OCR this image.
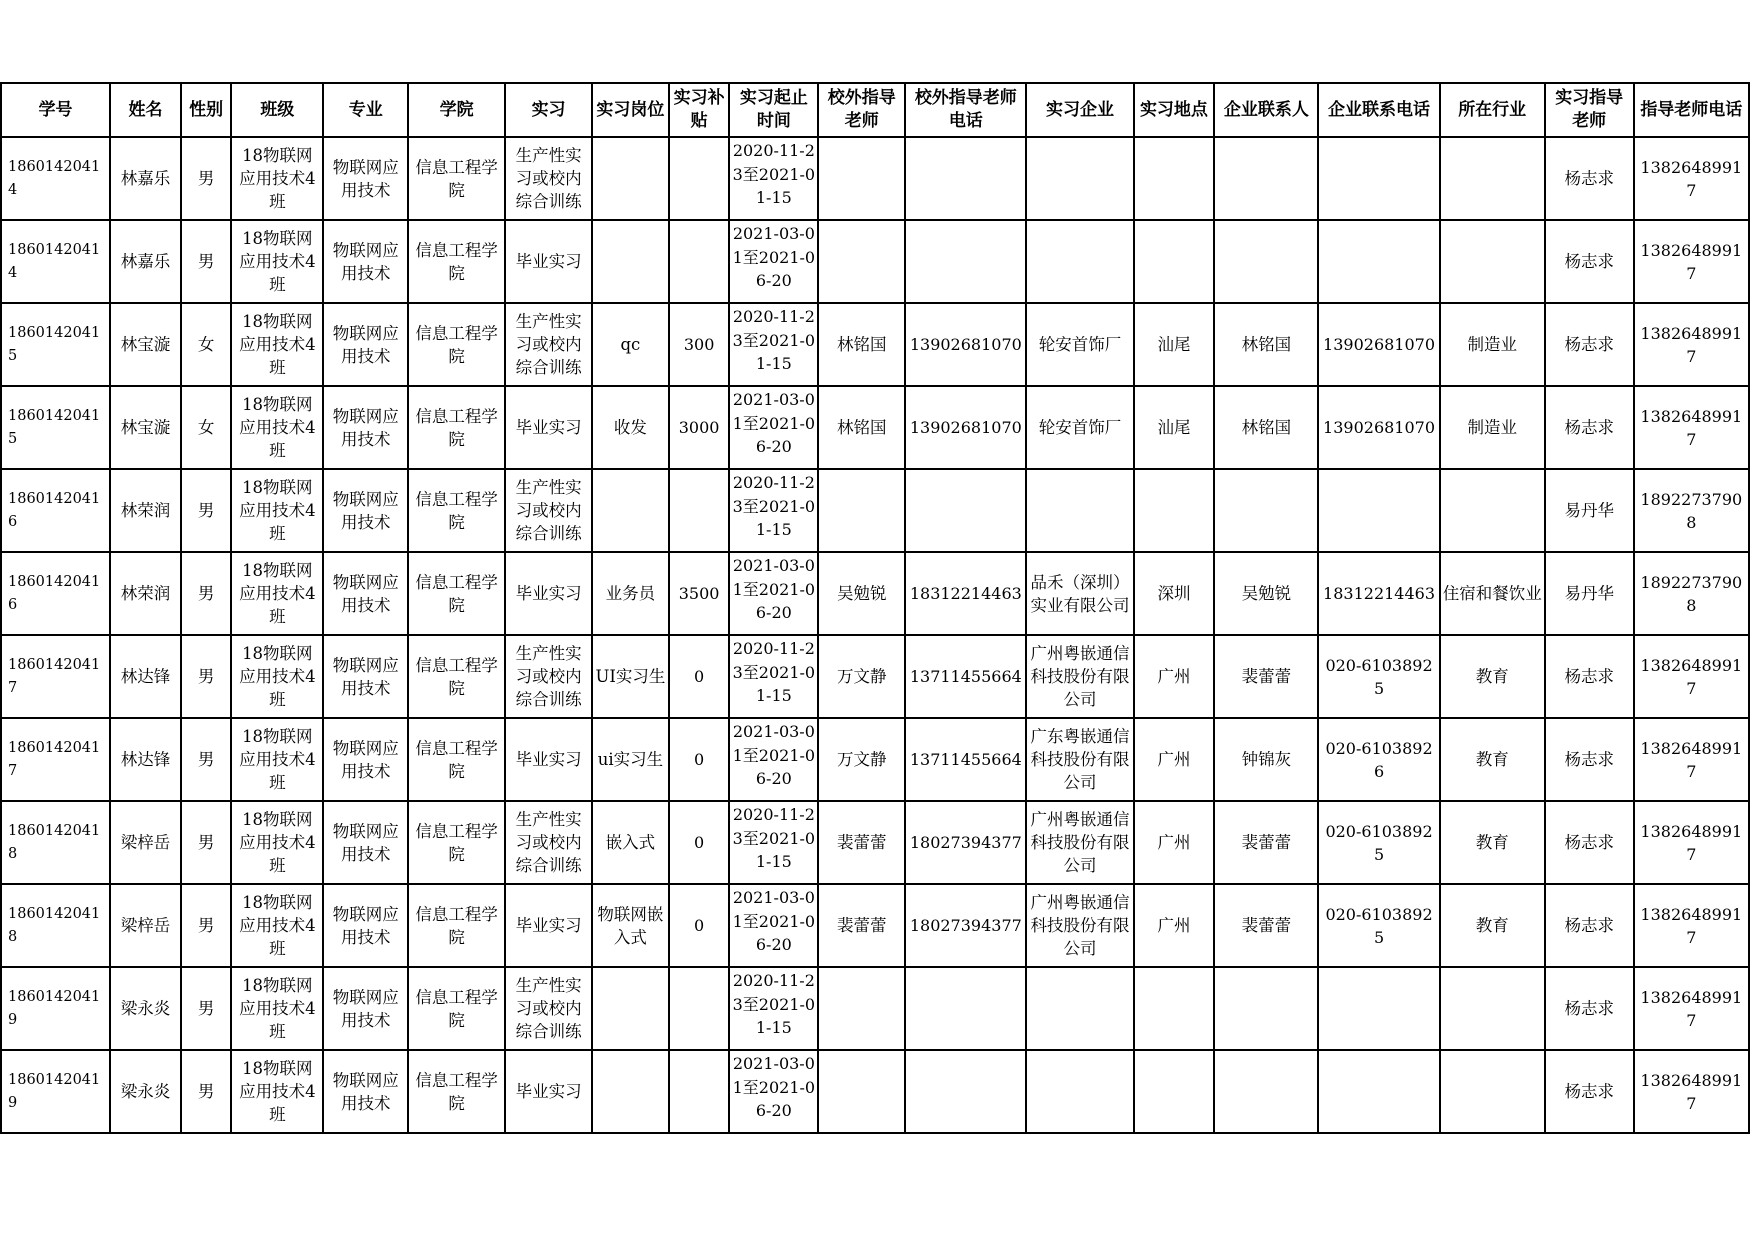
学号	姓名	性别	班级	专业	学院	实习	实习岗位	实习补贴	实习起止时间	校外指导老师	校外指导老师电话	实习企业	实习地点	企业联系人	企业联系电话	所在行业	实习指导老师	指导老师电话

18601420414	林嘉乐	男	18物联网应用技术4班	物联网应用技术	信息工程学院	生产性实习或校内综合训练			2020-11-23至2021-01-15								杨志求	13826489917

18601420414	林嘉乐	男	18物联网应用技术4班	物联网应用技术	信息工程学院	毕业实习			2021-03-01至2021-06-20								杨志求	13826489917

18601420415	林宝漩	女	18物联网应用技术4班	物联网应用技术	信息工程学院	生产性实习或校内综合训练	qc	300	2020-11-23至2021-01-15	林铭国	13902681070	轮安首饰厂	汕尾	林铭国	13902681070	制造业	杨志求	13826489917

18601420415	林宝漩	女	18物联网应用技术4班	物联网应用技术	信息工程学院	毕业实习	收发	3000	2021-03-01至2021-06-20	林铭国	13902681070	轮安首饰厂	汕尾	林铭国	13902681070	制造业	杨志求	13826489917

18601420416	林荣润	男	18物联网应用技术4班	物联网应用技术	信息工程学院	生产性实习或校内综合训练			2020-11-23至2021-01-15								易丹华	18922737908

18601420416	林荣润	男	18物联网应用技术4班	物联网应用技术	信息工程学院	毕业实习	业务员	3500	2021-03-01至2021-06-20	吴勉锐	18312214463	品禾（深圳）实业有限公司	深圳	吴勉锐	18312214463	住宿和餐饮业	易丹华	18922737908

18601420417	林达锋	男	18物联网应用技术4班	物联网应用技术	信息工程学院	生产性实习或校内综合训练	UI实习生	0	2020-11-23至2021-01-15	万文静	13711455664	广州粤嵌通信科技股份有限公司	广州	裴蕾蕾	020-61038925	教育	杨志求	13826489917

18601420417	林达锋	男	18物联网应用技术4班	物联网应用技术	信息工程学院	毕业实习	ui实习生	0	2021-03-01至2021-06-20	万文静	13711455664	广东粤嵌通信科技股份有限公司	广州	钟锦灰	020-61038926	教育	杨志求	13826489917

18601420418	梁梓岳	男	18物联网应用技术4班	物联网应用技术	信息工程学院	生产性实习或校内综合训练	嵌入式	0	2020-11-23至2021-01-15	裴蕾蕾	18027394377	广州粤嵌通信科技股份有限公司	广州	裴蕾蕾	020-61038925	教育	杨志求	13826489917

18601420418	梁梓岳	男	18物联网应用技术4班	物联网应用技术	信息工程学院	毕业实习	物联网嵌入式	0	2021-03-01至2021-06-20	裴蕾蕾	18027394377	广州粤嵌通信科技股份有限公司	广州	裴蕾蕾	020-61038925	教育	杨志求	13826489917

18601420419	梁永炎	男	18物联网应用技术4班	物联网应用技术	信息工程学院	生产性实习或校内综合训练			2020-11-23至2021-01-15								杨志求	13826489917

18601420419	梁永炎	男	18物联网应用技术4班	物联网应用技术	信息工程学院	毕业实习			2021-03-01至2021-06-20								杨志求	13826489917
